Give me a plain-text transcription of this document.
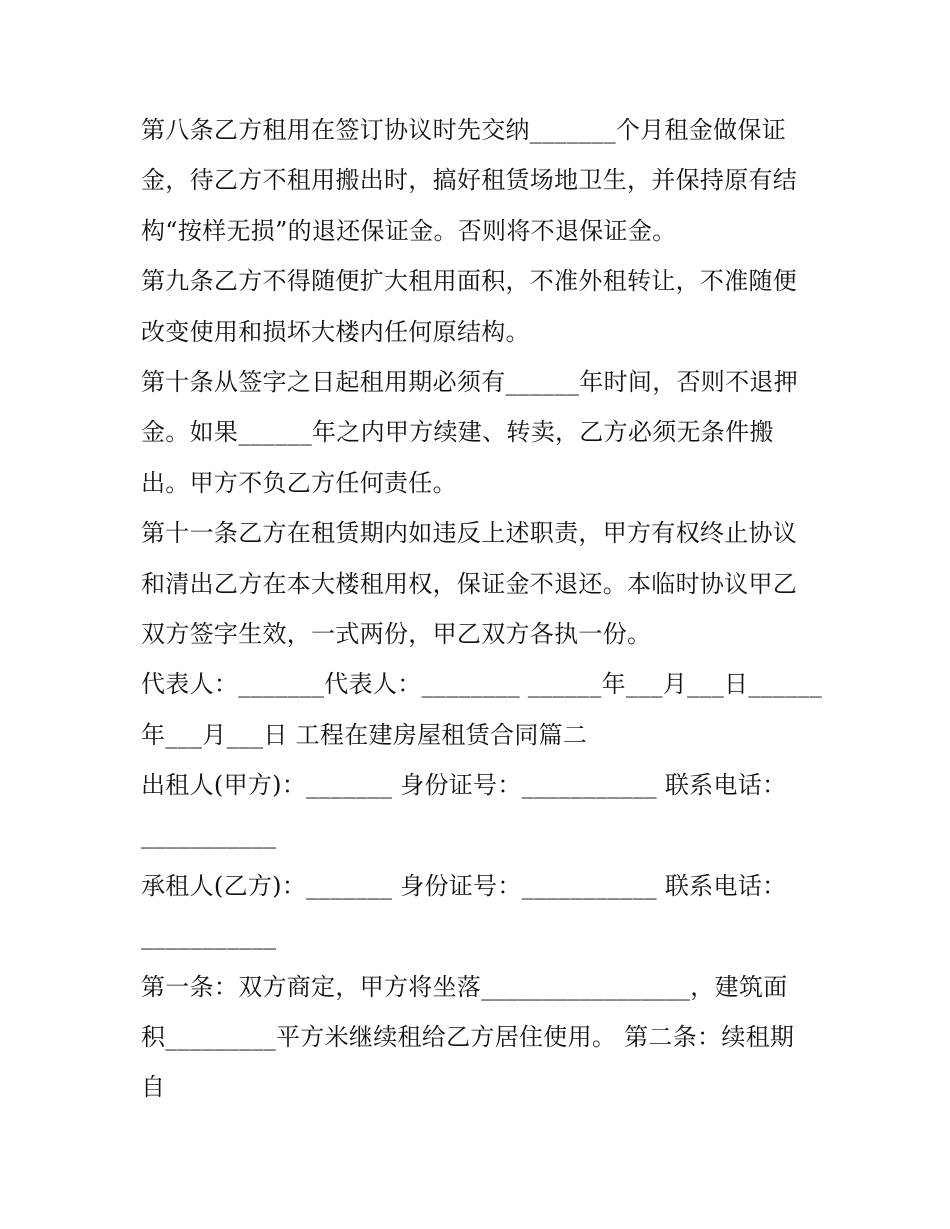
第八条乙方租用在签订协议时先交纳_______个月租金做保证
金，待乙方不租用搬出时，搞好租赁场地卫生，并保持原有结
构“按样无损”的退还保证金。否则将不退保证金。
第九条乙方不得随便扩大租用面积，不准外租转让，不准随便
改变使用和损坏大楼内任何原结构。
第十条从签字之日起租用期必须有______年时间，否则不退押
金。如果______年之内甲方续建、转卖，乙方必须无条件搬
出。甲方不负乙方任何责任。
第十一条乙方在租赁期内如违反上述职责，甲方有权终止协议
和清出乙方在本大楼租用权，保证金不退还。本临时协议甲乙
双方签字生效，一式两份，甲乙双方各执一份。
代表人：_______代表人：________ ______年___月___日______
年___月___日 工程在建房屋租赁合同篇二
出租人(甲方)：_______ 身份证号：___________ 联系电话：
___________
承租人(乙方)：_______ 身份证号：___________ 联系电话：
___________
第一条：双方商定，甲方将坐落_________________，建筑面
积_________平方米继续租给乙方居住使用。 第二条：续租期
自
